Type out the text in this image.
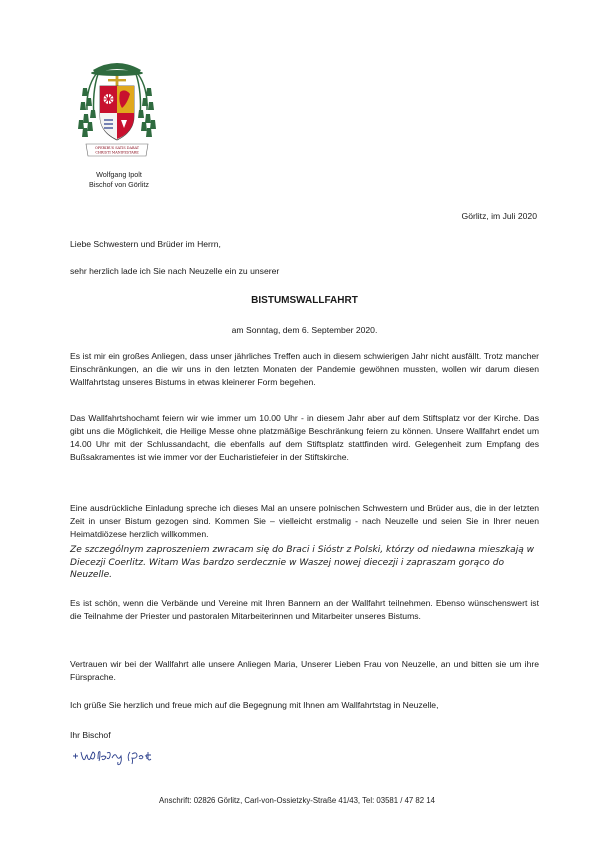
OPERIBUS SATIS DABAT
CHRISTI MANIFESTARE
Wolfgang Ipolt
Bischof von Görlitz
Görlitz, im Juli 2020
Liebe Schwestern und Brüder im Herrn,
sehr herzlich lade ich Sie nach Neuzelle ein zu unserer
BISTUMSWALLFAHRT
am Sonntag, dem 6. September 2020.
Es ist mir ein großes Anliegen, dass unser jährliches Treffen auch in diesem schwierigen Jahr nicht ausfällt. Trotz mancher Einschränkungen, an die wir uns in den letzten Monaten der Pandemie gewöhnen mussten, wollen wir darum diesen Wallfahrtstag unseres Bistums in etwas kleinerer Form begehen.
Das Wallfahrtshochamt feiern wir wie immer um 10.00 Uhr - in diesem Jahr aber auf dem Stiftsplatz vor der Kirche. Das gibt uns die Möglichkeit, die Heilige Messe ohne platzmäßige Beschränkung feiern zu können. Unsere Wallfahrt endet um 14.00 Uhr mit der Schlussandacht, die ebenfalls auf dem Stiftsplatz stattfinden wird. Gelegenheit zum Empfang des Bußsakramentes ist wie immer vor der Eucharistiefeier in der Stiftskirche.
Eine ausdrückliche Einladung spreche ich dieses Mal an unsere polnischen Schwestern und Brüder aus, die in der letzten Zeit in unser Bistum gezogen sind. Kommen Sie – vielleicht erstmalig - nach Neuzelle und seien Sie in Ihrer neuen Heimatdiözese herzlich willkommen.
Ze szczególnym zaproszeniem zwracam się do Braci i Sióstr z Polski, którzy od niedawna mieszkają w Diecezji Coerlitz. Witam Was bardzo serdecznie w Waszej nowej diecezji i zapraszam gorąco do Neuzelle.
Es ist schön, wenn die Verbände und Vereine mit Ihren Bannern an der Wallfahrt teilnehmen. Ebenso wünschenswert ist die Teilnahme der Priester und pastoralen Mitarbeiterinnen und Mitarbeiter unseres Bistums.
Vertrauen wir bei der Wallfahrt alle unsere Anliegen Maria, Unserer Lieben Frau von Neuzelle, an und bitten sie um ihre Fürsprache.
Ich grüße Sie herzlich und freue mich auf die Begegnung mit Ihnen am Wallfahrtstag in Neuzelle,
Ihr Bischof
Anschrift: 02826 Görlitz, Carl-von-Ossietzky-Straße 41/43, Tel: 03581 / 47 82 14
